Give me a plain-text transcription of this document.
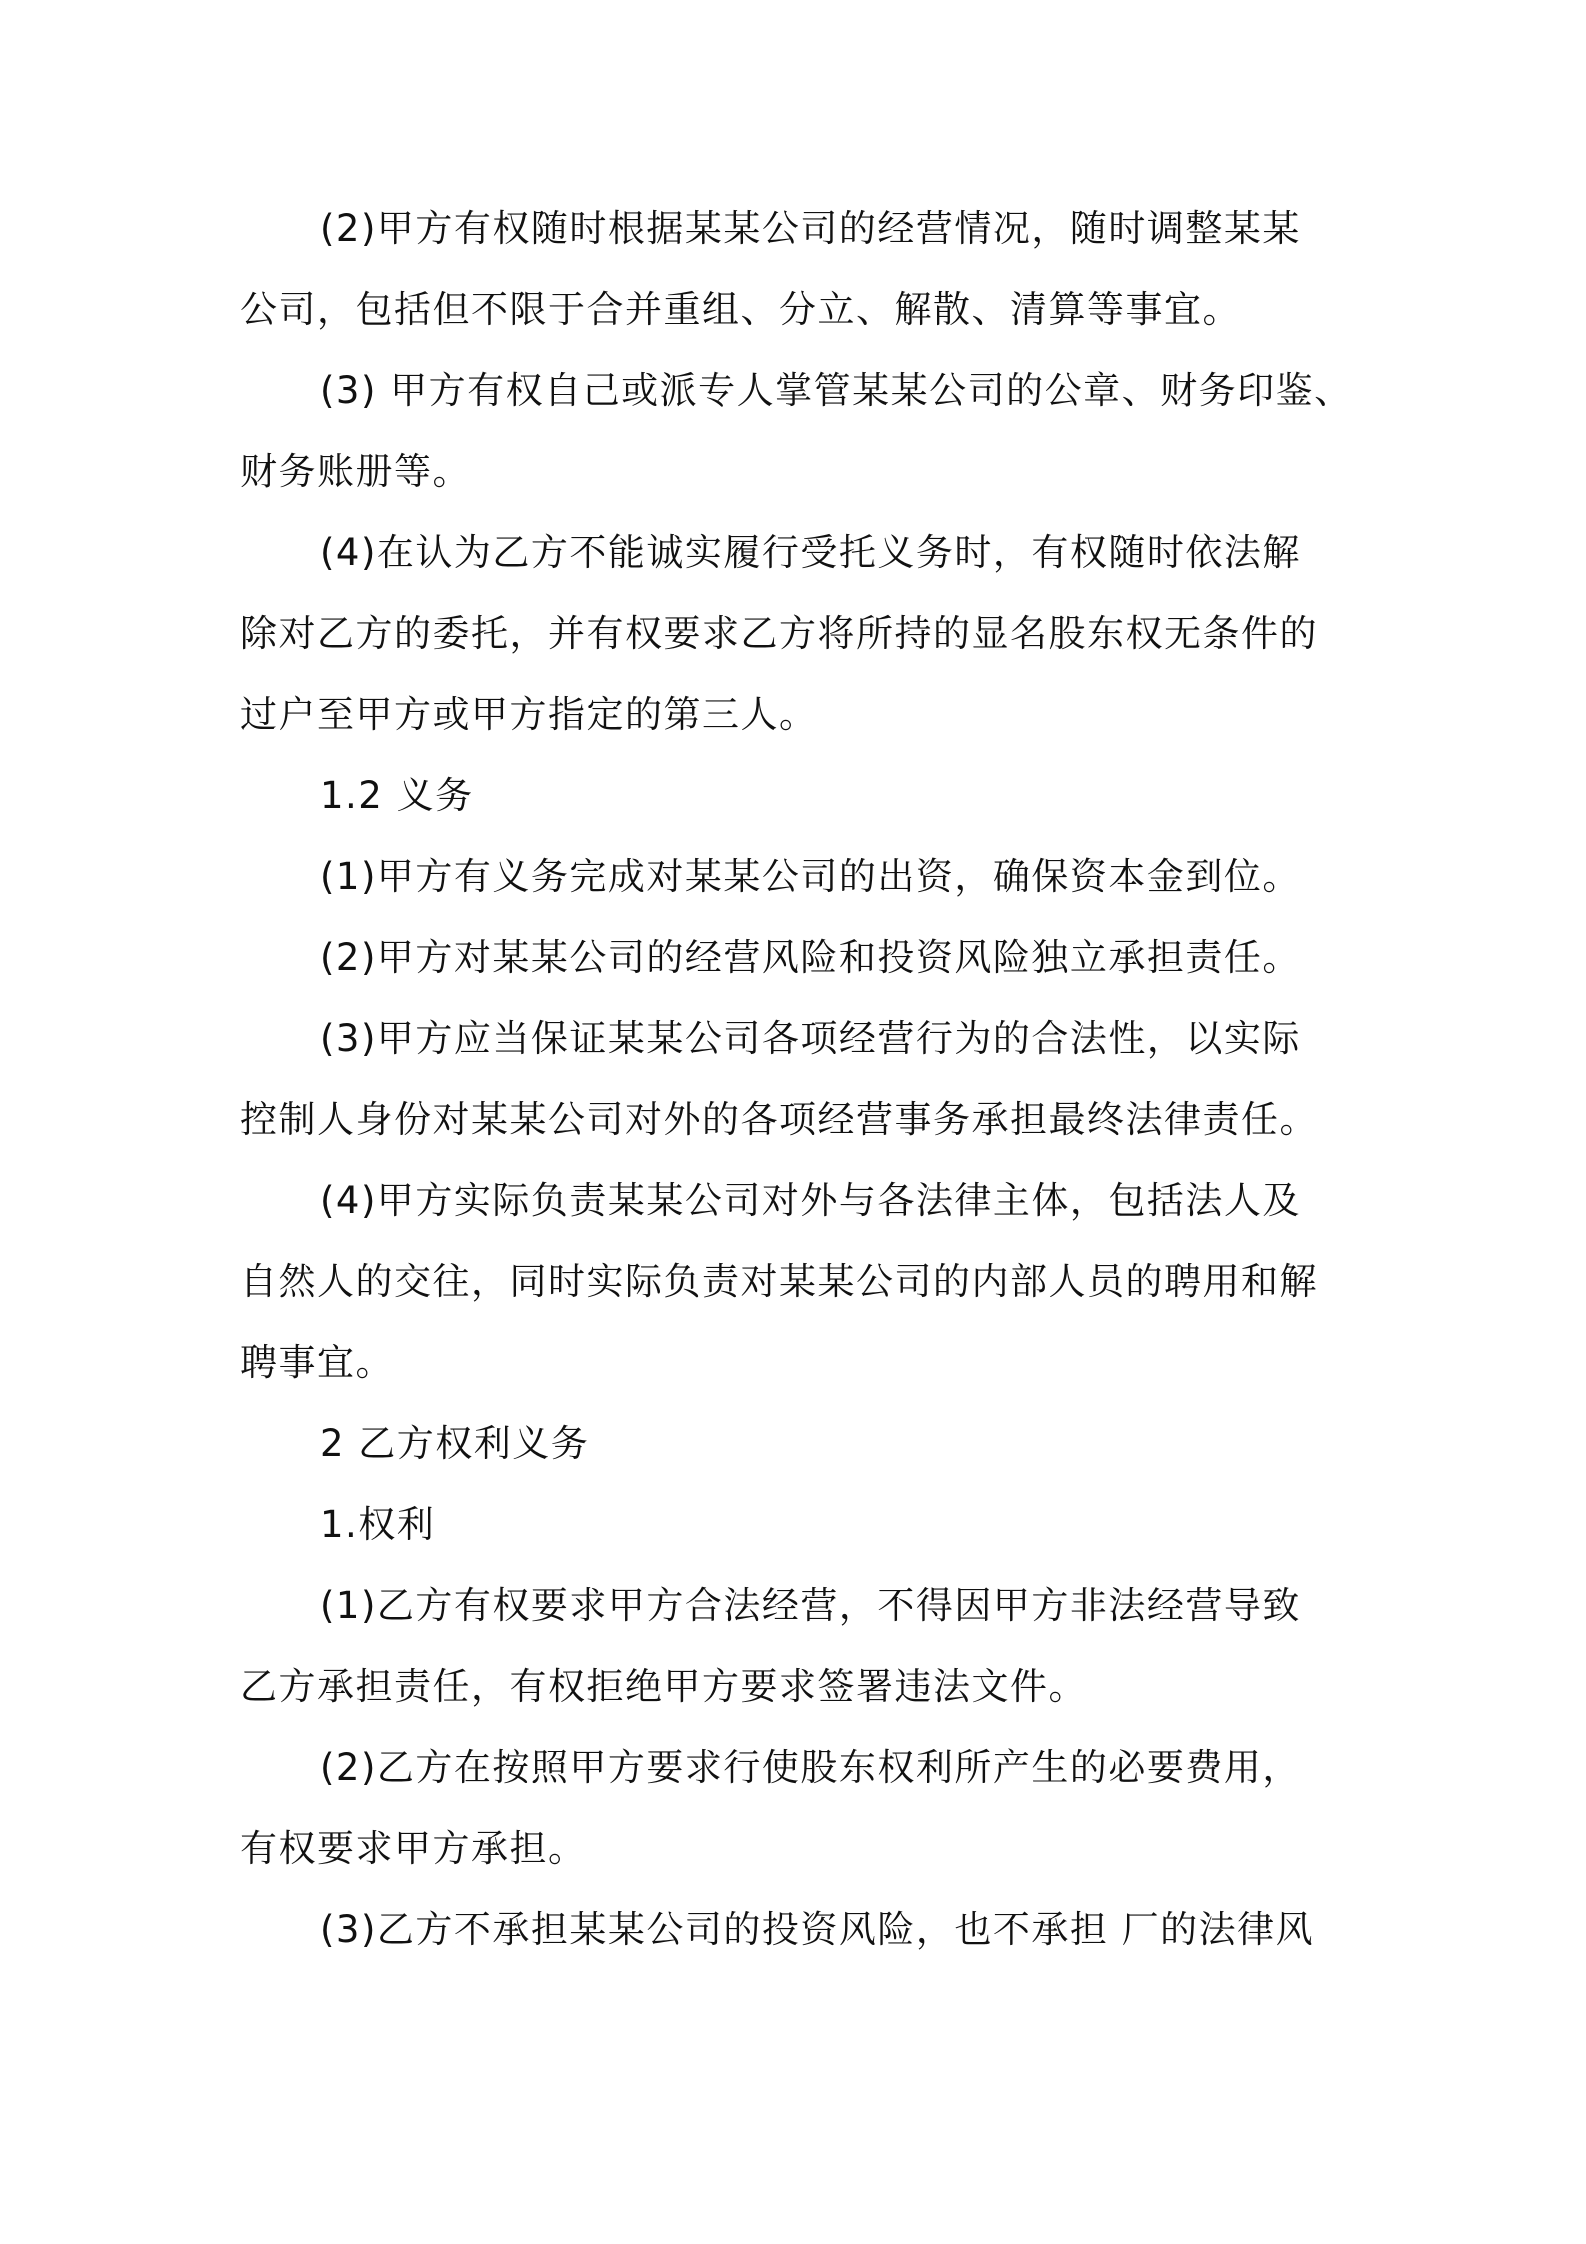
(2)甲方有权随时根据某某公司的经营情况，随时调整某某

公司，包括但不限于合并重组、分立、解散、清算等事宜。

(3) 甲方有权自己或派专人掌管某某公司的公章、财务印鉴、

财务账册等。

(4)在认为乙方不能诚实履行受托义务时，有权随时依法解

除对乙方的委托，并有权要求乙方将所持的显名股东权无条件的

过户至甲方或甲方指定的第三人。

1.2 义务

(1)甲方有义务完成对某某公司的出资，确保资本金到位。

(2)甲方对某某公司的经营风险和投资风险独立承担责任。

(3)甲方应当保证某某公司各项经营行为的合法性，以实际

控制人身份对某某公司对外的各项经营事务承担最终法律责任。

(4)甲方实际负责某某公司对外与各法律主体，包括法人及

自然人的交往，同时实际负责对某某公司的内部人员的聘用和解

聘事宜。

2 乙方权利义务

1.权利

(1)乙方有权要求甲方合法经营，不得因甲方非法经营导致

乙方承担责任，有权拒绝甲方要求签署违法文件。

(2)乙方在按照甲方要求行使股东权利所产生的必要费用，

有权要求甲方承担。

(3)乙方不承担某某公司的投资风险，也不承担 厂的法律风
